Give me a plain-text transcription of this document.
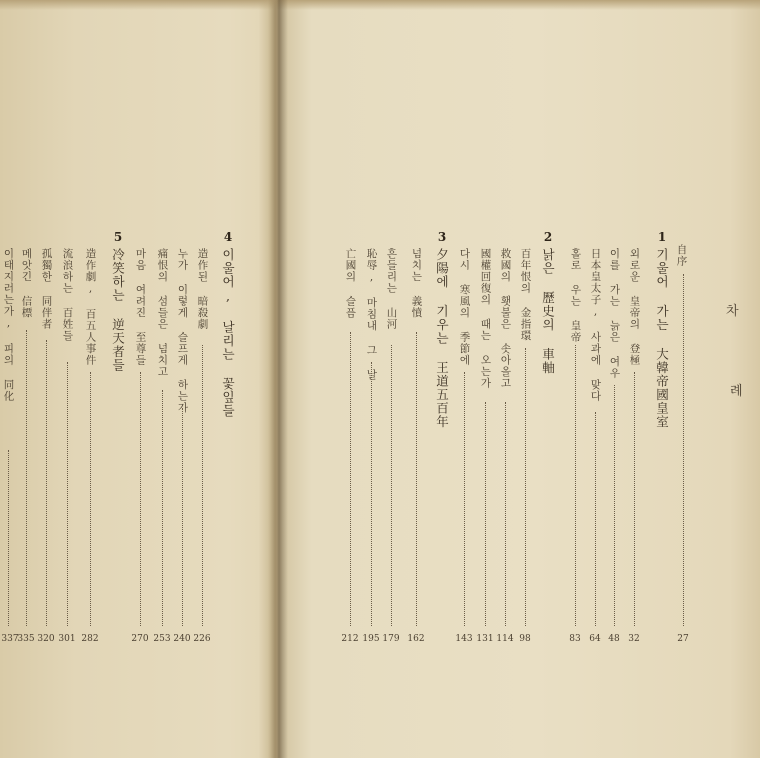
차
례
自序
27
1
기울어 가는 大韓帝國皇室
외로운 皇帝의 登極
32
이를 가는 늙은 여우
48
日本皇太子, 사과에 맞다
64
홀로 우는 皇帝
83
2
낡은 歷史의 車軸
百年恨의 金指環
98
救國의 횃불은 솟아올고
114
國權回復의 때는 오는가
131
다시 寒風의 季節에
143
3
夕陽에 기우는 王道五百年
넘치는 義憤
162
흔들리는 山河
179
恥辱, 마침내 그 날
195
亡國의 슬픔
212
4
이울어, 날리는 꽃잎들
造作된 暗殺劇
226
누가 이렇게 슬프게 하는가
240
痛恨의 섬들은 넘치고
253
마음 여려진 至尊들
270
5
冷笑하는 逆天者들
造作劇, 百五人事件
282
流浪하는 百姓들
301
孤獨한 同伴者
320
메앗긴 信標
335
이태지러는가, 피의 同化
337
